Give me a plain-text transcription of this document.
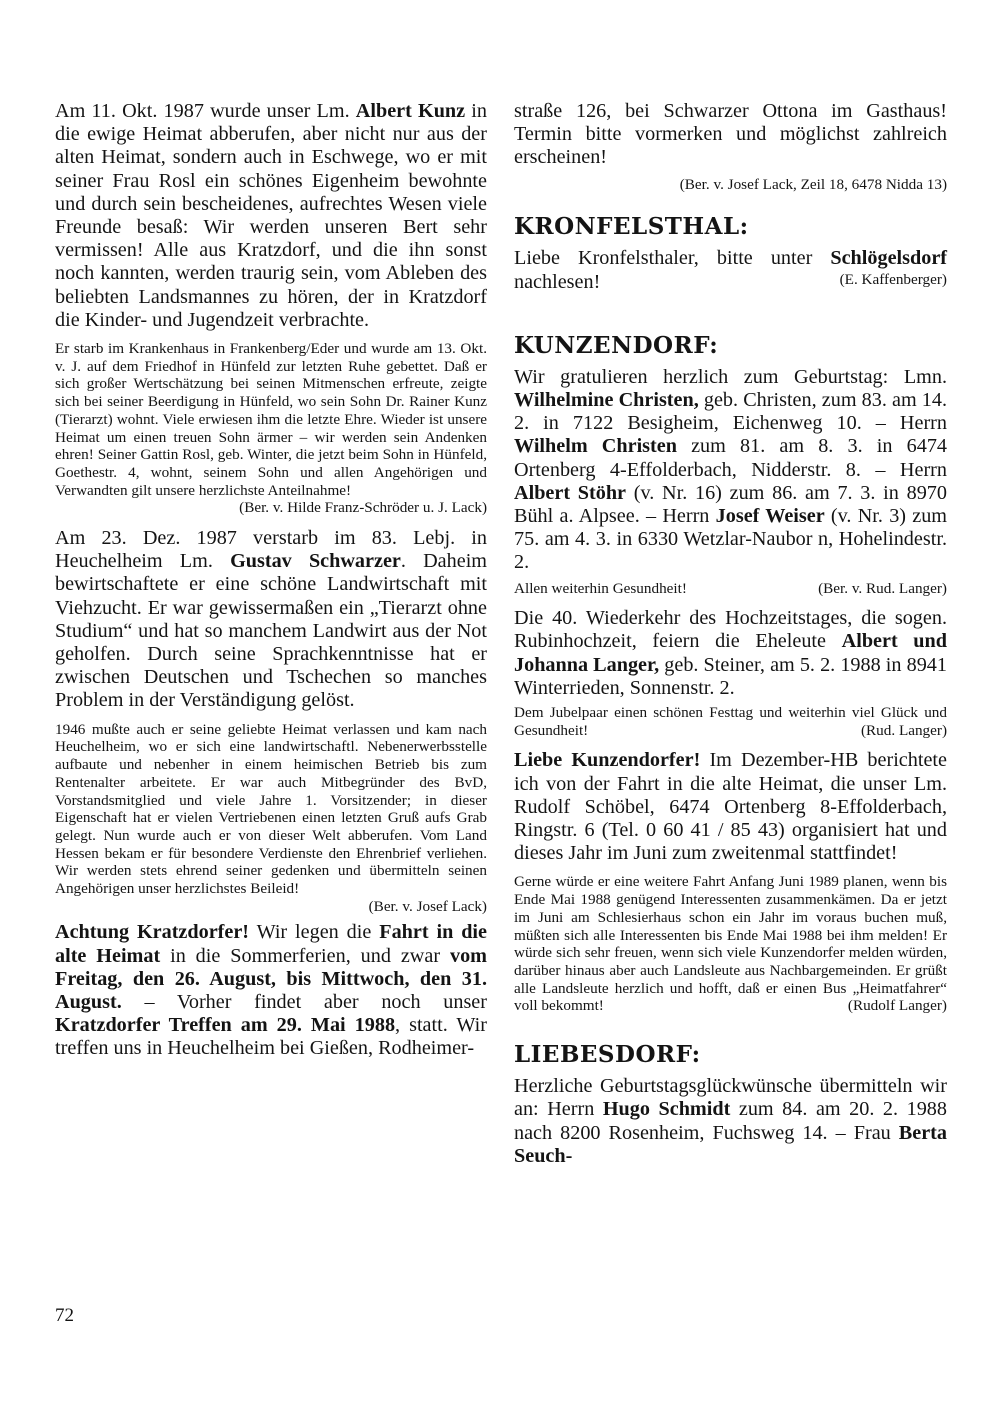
Am 11. Okt. 1987 wurde unser Lm. Albert Kunz in die ewige Heimat abberufen, aber nicht nur aus der alten Heimat, sondern auch in Eschwege, wo er mit seiner Frau Rosl ein schönes Eigenheim bewohnte und durch sein bescheidenes, aufrechtes Wesen viele Freunde besaß: Wir werden unseren Bert sehr vermissen! Alle aus Kratzdorf, und die ihn sonst noch kannten, werden traurig sein, vom Ableben des beliebten Landsmannes zu hören, der in Kratzdorf die Kinder- und Jugendzeit verbrachte.

Er starb im Krankenhaus in Frankenberg/Eder und wurde am 13. Okt. v. J. auf dem Friedhof in Hünfeld zur letzten Ruhe gebettet. Daß er sich großer Wertschätzung bei seinen Mitmenschen erfreute, zeigte sich bei seiner Beerdigung in Hünfeld, wo sein Sohn Dr. Rainer Kunz (Tierarzt) wohnt. Viele erwiesen ihm die letzte Ehre. Wieder ist unsere Heimat um einen treuen Sohn ärmer – wir werden sein Andenken ehren! Seiner Gattin Rosl, geb. Winter, die jetzt beim Sohn in Hünfeld, Goethestr. 4, wohnt, seinem Sohn und allen Angehörigen und Verwandten gilt unsere herzlichste Anteilnahme!
(Ber. v. Hilde Franz-Schröder u. J. Lack)

Am 23. Dez. 1987 verstarb im 83. Lebj. in Heuchelheim Lm. Gustav Schwarzer. Daheim bewirtschaftete er eine schöne Landwirtschaft mit Viehzucht. Er war gewissermaßen ein „Tierarzt ohne Studium“ und hat so manchem Landwirt aus der Not geholfen. Durch seine Sprachkenntnisse hat er zwischen Deutschen und Tschechen so manches Problem in der Verständigung gelöst.

1946 mußte auch er seine geliebte Heimat verlassen und kam nach Heuchelheim, wo er sich eine landwirtschaftl. Nebenerwerbsstelle aufbaute und nebenher in einem heimischen Betrieb bis zum Rentenalter arbeitete. Er war auch Mitbegründer des BvD, Vorstandsmitglied und viele Jahre 1. Vorsitzender; in dieser Eigenschaft hat er vielen Vertriebenen einen letzten Gruß aufs Grab gelegt. Nun wurde auch er von dieser Welt abberufen. Vom Land Hessen bekam er für besondere Verdienste den Ehrenbrief verliehen. Wir werden stets ehrend seiner gedenken und übermitteln seinen Angehörigen unser herzlichstes Beileid!
(Ber. v. Josef Lack)

Achtung Kratzdorfer! Wir legen die Fahrt in die alte Heimat in die Sommerferien, und zwar vom Freitag, den 26. August, bis Mittwoch, den 31. August. – Vorher findet aber noch unser Kratzdorfer Treffen am 29. Mai 1988, statt. Wir treffen uns in Heuchelheim bei Gießen, Rodheimer-

straße 126, bei Schwarzer Ottona im Gasthaus! Termin bitte vormerken und möglichst zahlreich erscheinen!

(Ber. v. Josef Lack, Zeil 18, 6478 Nidda 13)

KRONFELSTHAL:

Liebe Kronfelsthaler, bitte unter Schlögelsdorf nachlesen!	(E. Kaffenberger)

KUNZENDORF:

Wir gratulieren herzlich zum Geburtstag: Lmn. Wilhelmine Christen, geb. Christen, zum 83. am 14. 2. in 7122 Besigheim, Eichenweg 10. – Herrn Wilhelm Christen zum 81. am 8. 3. in 6474 Ortenberg 4-Effolderbach, Nidderstr. 8. – Herrn Albert Stöhr (v. Nr. 16) zum 86. am 7. 3. in 8970 Bühl a. Alpsee. – Herrn Josef Weiser (v. Nr. 3) zum 75. am 4. 3. in 6330 Wetzlar-Naubor n, Hohelindestr. 2.

Allen weiterhin Gesundheit!	(Ber. v. Rud. Langer)

Die 40. Wiederkehr des Hochzeitstages, die sogen. Rubinhochzeit, feiern die Eheleute Albert und Johanna Langer, geb. Steiner, am 5. 2. 1988 in 8941 Winterrieden, Sonnenstr. 2.

Dem Jubelpaar einen schönen Festtag und weiterhin viel Glück und Gesundheit!	(Rud. Langer)

Liebe Kunzendorfer! Im Dezember-HB berichtete ich von der Fahrt in die alte Heimat, die unser Lm. Rudolf Schöbel, 6474 Ortenberg 8-Effolderbach, Ringstr. 6 (Tel. 0 60 41 / 85 43) organisiert hat und dieses Jahr im Juni zum zweitenmal stattfindet!

Gerne würde er eine weitere Fahrt Anfang Juni 1989 planen, wenn bis Ende Mai 1988 genügend Interessenten zusammenkämen. Da er jetzt im Juni am Schlesierhaus schon ein Jahr im voraus buchen muß, müßten sich alle Interessenten bis Ende Mai 1988 bei ihm melden! Er würde sich sehr freuen, wenn sich viele Kunzendorfer melden würden, darüber hinaus aber auch Landsleute aus Nachbargemeinden. Er grüßt alle Landsleute herzlich und hofft, daß er einen Bus „Heimatfahrer“ voll bekommt!	(Rudolf Langer)

LIEBESDORF:

Herzliche Geburtstagsglückwünsche übermitteln wir an: Herrn Hugo Schmidt zum 84. am 20. 2. 1988 nach 8200 Rosenheim, Fuchsweg 14. – Frau Berta Seuch-

72
